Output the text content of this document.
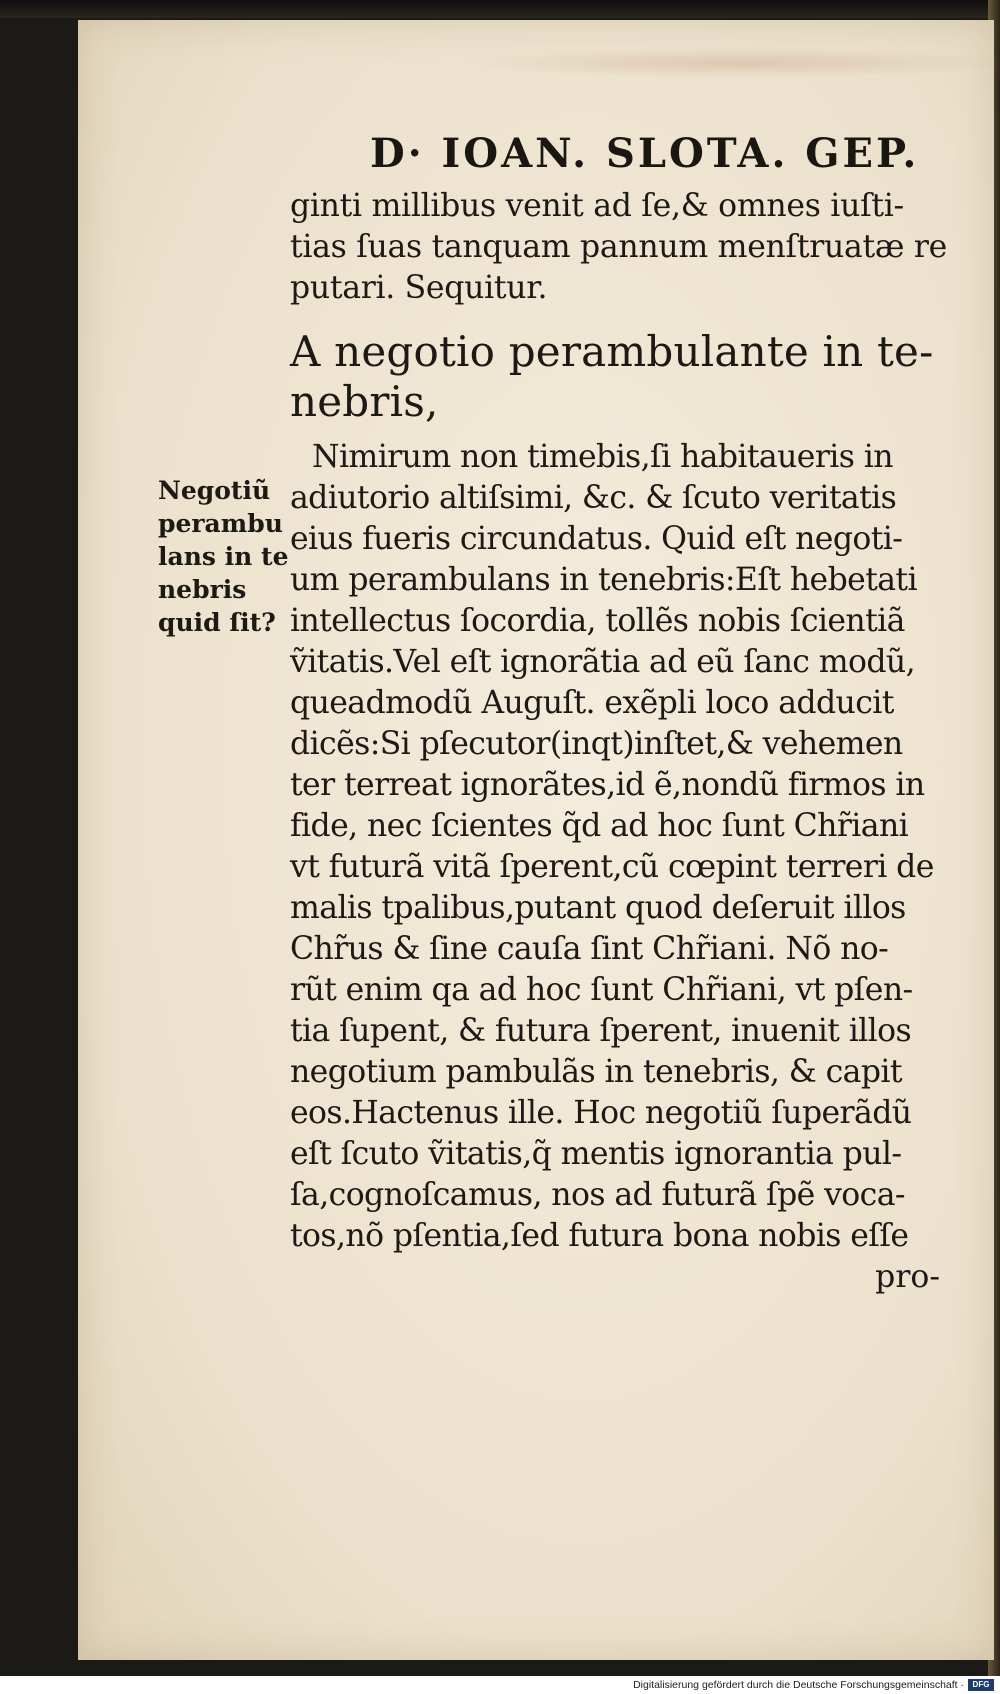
D· IOAN. SLOTA. GEP.
Negotiũ
perambu
lans in te
nebris
quid ſit?
ginti millibus venit ad ſe,& omnes iuſti-
tias ſuas tanquam pannum menſtruatæ re
putari. Sequitur.
A negotio perambulante in te-
nebris,
Nimirum non timebis,ſi habitaueris in
adiutorio altiſsimi, &c. & ſcuto veritatis
eius fueris circundatus. Quid eſt negoti-
um perambulans in tenebris:Eſt hebetati
intellectus ſocordia, tollẽs nobis ſcientiã
ṽitatis.Vel eſt ignorãtia ad eũ ſanc modũ,
queadmodũ Auguſt. exẽpli loco adducit
dicẽs:Si pſecutor(inqt)inſtet,& vehemen
ter terreat ignorãtes,id ẽ,nondũ firmos in
fide, nec ſcientes q̃d ad hoc ſunt Chr̃iani
vt futurã vitã ſperent,cũ cœpint terreri de
malis tpalibus,putant quod deſeruit illos
Chr̃us & ſine cauſa ſint Chr̃iani. Nõ no-
rũt enim qa ad hoc ſunt Chr̃iani, vt pſen-
tia ſupent, & futura ſperent, inuenit illos
negotium pambulãs in tenebris, & capit
eos.Hactenus ille. Hoc negotiũ ſuperãdũ
eſt ſcuto ṽitatis,q̃ mentis ignorantia pul-
ſa,cognoſcamus, nos ad futurã ſpẽ voca-
tos,nõ pſentia,ſed futura bona nobis eſſe
pro-
Digitalisierung gefördert durch die Deutsche Forschungsgemeinschaft ·	DFG
